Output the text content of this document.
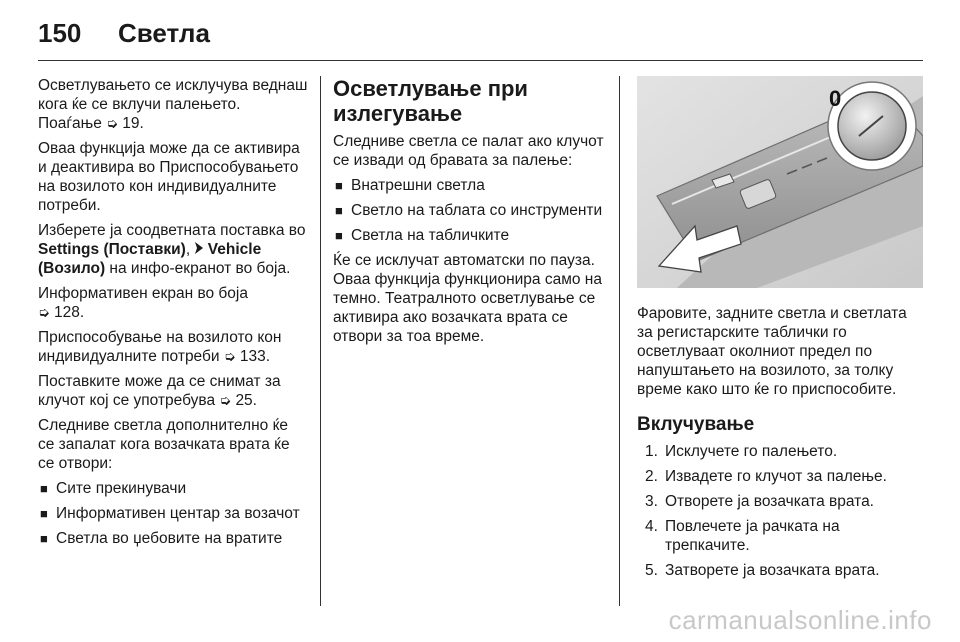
150 Светла

Осветлувањето се исклучува веднаш кога ќе се вклучи палењето. Поаѓање ➭ 19.

Оваа функција може да се активира и деактивира во Приспособувањето на возилото кон индивидуалните потреби.

Изберете ја соодветната поставка во Settings (Поставки),  Vehicle (Возило) на инфо-екранот во боја.

Информативен екран во боја
➭ 128.

Приспособување на возилото кон индивидуалните потреби ➭ 133.

Поставките може да се снимат за клучот кој се употребува ➭ 25.

Следниве светла дополнително ќе се запалат кога возачката врата ќе се отвори:

■ Сите прекинувачи
■ Информативен центар за возачот
■ Светла во џебовите на вратите
Осветлување при излегување

Следниве светла се палат ако клучот се извади од бравата за палење:

■ Внатрешни светла
■ Светло на таблата со инструменти
■ Светла на табличките

Ќе се исклучат автоматски по пауза. Оваа функција функционира само на темно. Театралното осветлување се активира ако возачката врата се отвори за тоа време.

0

Фаровите, задните светла и светлата за регистарските таблички го осветлуваат околниот предел по напуштањето на возилото, за толку време како што ќе го приспособите.

Вклучување
1. Исклучете го палењето.
2. Извадете го клучот за палење.
3. Отворете ја возачката врата.
4. Повлечете ја рачката на трепкачите.
5. Затворете ја возачката врата.
carmanualsonline.info
